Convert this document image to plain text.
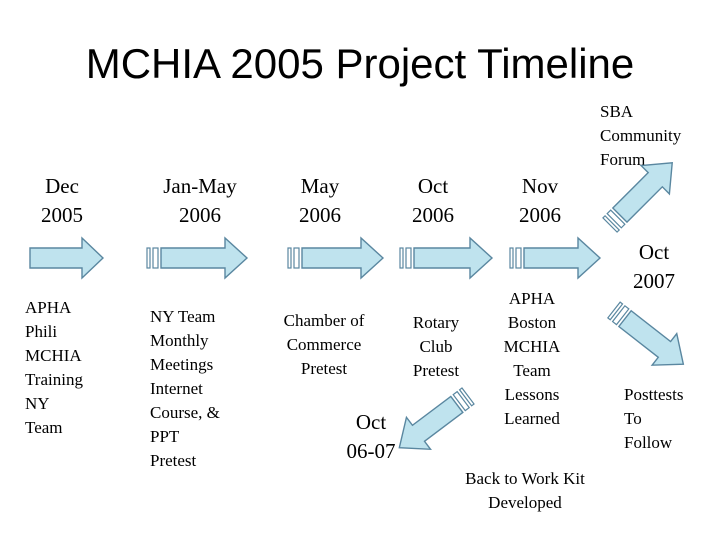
MCHIA 2005 Project Timeline
Dec
2005
Jan-May
2006
May
2006
Oct
2006
Nov
2006
Oct
2007
SBA
Community
Forum
APHA
Phili
MCHIA
Training
NY
Team
NY Team
Monthly
Meetings
Internet
Course, &
PPT
Pretest
Chamber of
Commerce
Pretest
Rotary
Club
Pretest
APHA
Boston
MCHIA
Team
Lessons
Learned
Posttests
To
Follow
Oct
06-07
Back to Work Kit
Developed
